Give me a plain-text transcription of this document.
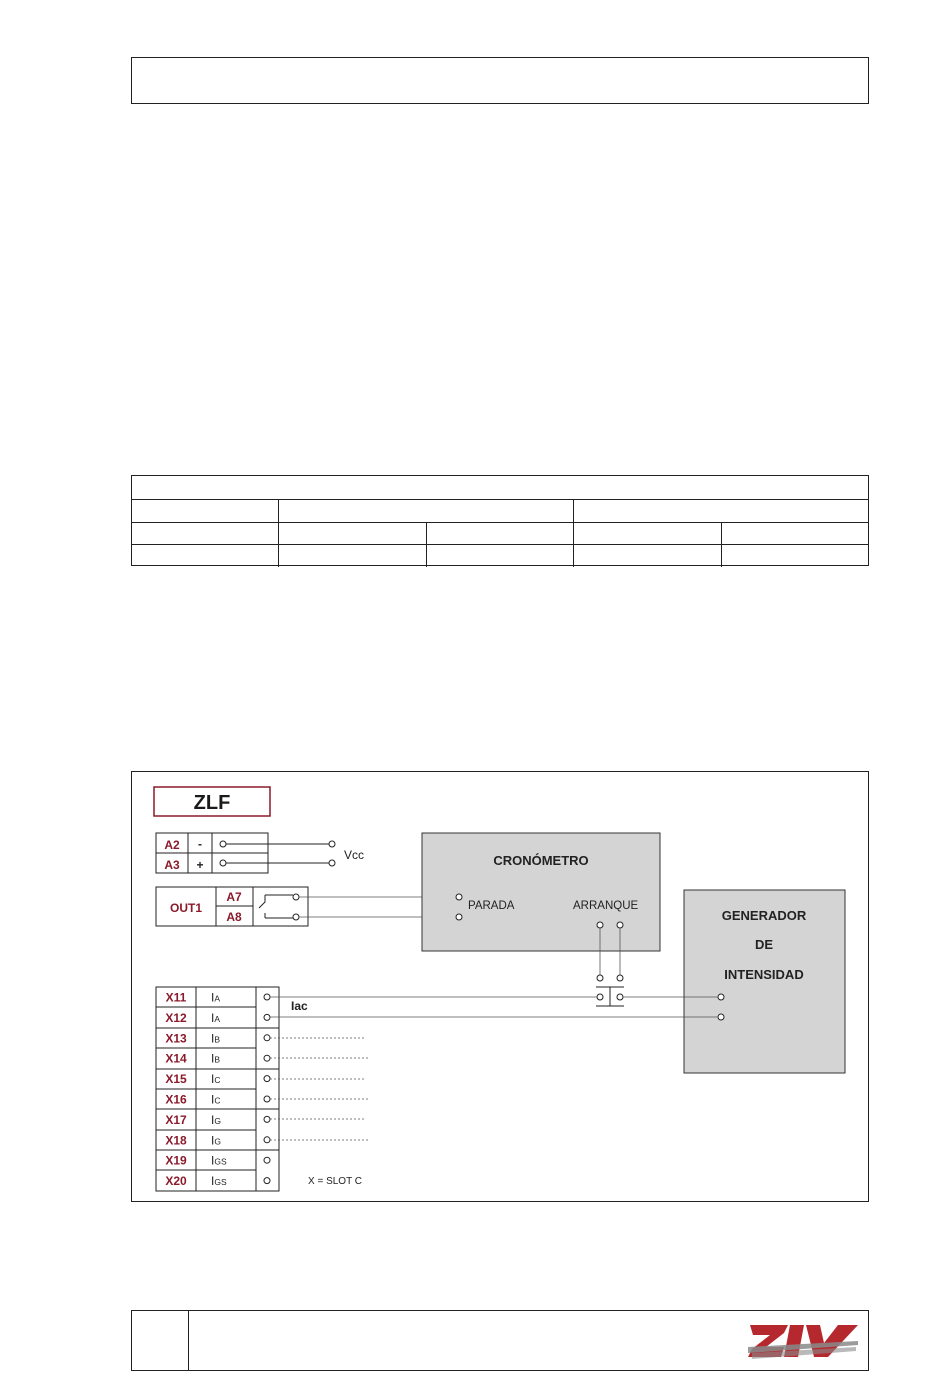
ZLF
A2
A3
-
+
Vcc
OUT1
A7
A8
CRONÓMETRO
PARADA	ARRANQUE
GENERADOR
DE
INTENSIDAD
X11 IA
X12 IA
X13 IB
X14 IB
X15 IC
X16 IC
X17 IG
X18 IG
X19 IGS
X20 IGS
Iac
X = SLOT C
